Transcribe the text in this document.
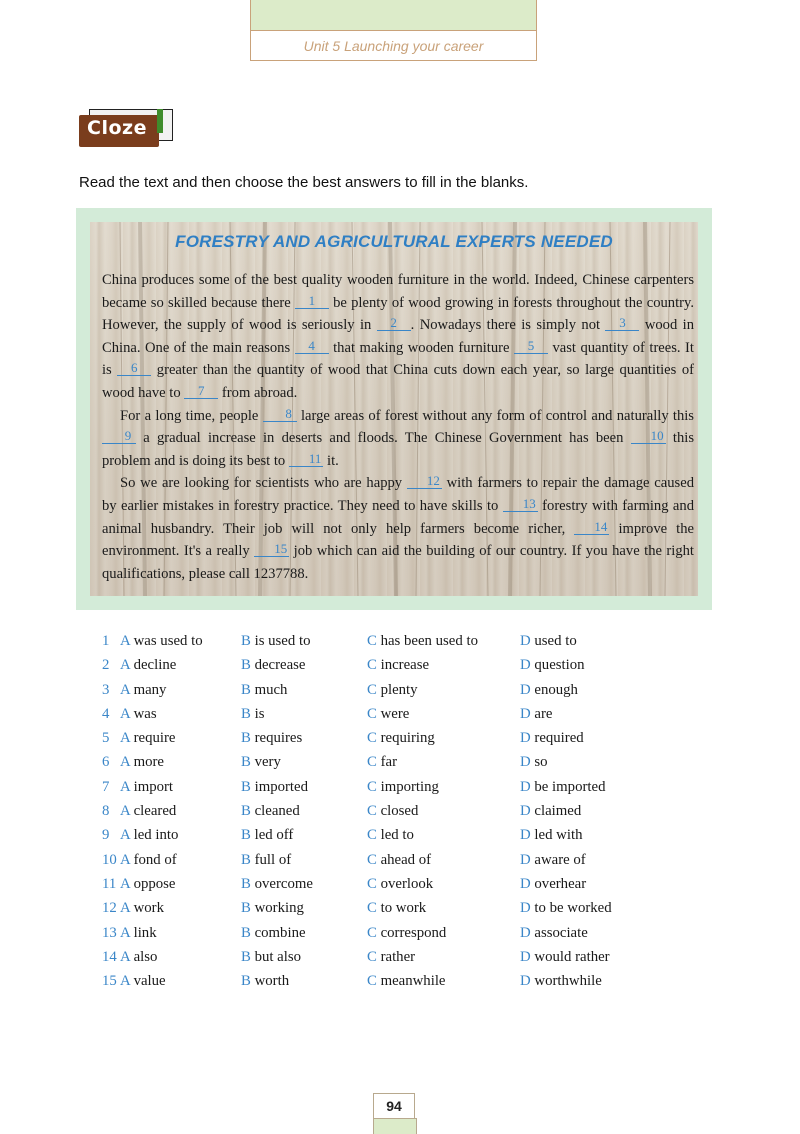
Unit 5 Launching your career
Cloze
Read the text and then choose the best answers to fill in the blanks.
FORESTRY AND AGRICULTURAL EXPERTS NEEDED

China produces some of the best quality wooden furniture in the world. Indeed, Chinese carpenters became so skilled because there 1 be plenty of wood growing in forests throughout the country. However, the supply of wood is seriously in 2 . Nowadays there is simply not 3 wood in China. One of the main reasons 4 that making wooden furniture 5 vast quantity of trees. It is 6 greater than the quantity of wood that China cuts down each year, so large quantities of wood have to 7 from abroad.

For a long time, people 8 large areas of forest without any form of control and naturally this 9 a gradual increase in deserts and floods. The Chinese Government has been 10 this problem and is doing its best to 11 it.

So we are looking for scientists who are happy 12 with farmers to repair the damage caused by earlier mistakes in forestry practice. They need to have skills to 13 forestry with farming and animal husbandry. Their job will not only help farmers become richer, 14 improve the environment. It's a really 15 job which can aid the building of our country. If you have the right qualifications, please call 1237788.

1 A was used to	B is used to	C has been used to	D used to
2 A decline	B decrease	C increase	D question
3 A many	B much	C plenty	D enough
4 A was	B is	C were	D are
5 A require	B requires	C requiring	D required
6 A more	B very	C far	D so
7 A import	B imported	C importing	D be imported
8 A cleared	B cleaned	C closed	D claimed
9 A led into	B led off	C led to	D led with
10 A fond of	B full of	C ahead of	D aware of
11 A oppose	B overcome	C overlook	D overhear
12 A work	B working	C to work	D to be worked
13 A link	B combine	C correspond	D associate
14 A also	B but also	C rather	D would rather
15 A value	B worth	C meanwhile	D worthwhile
94
